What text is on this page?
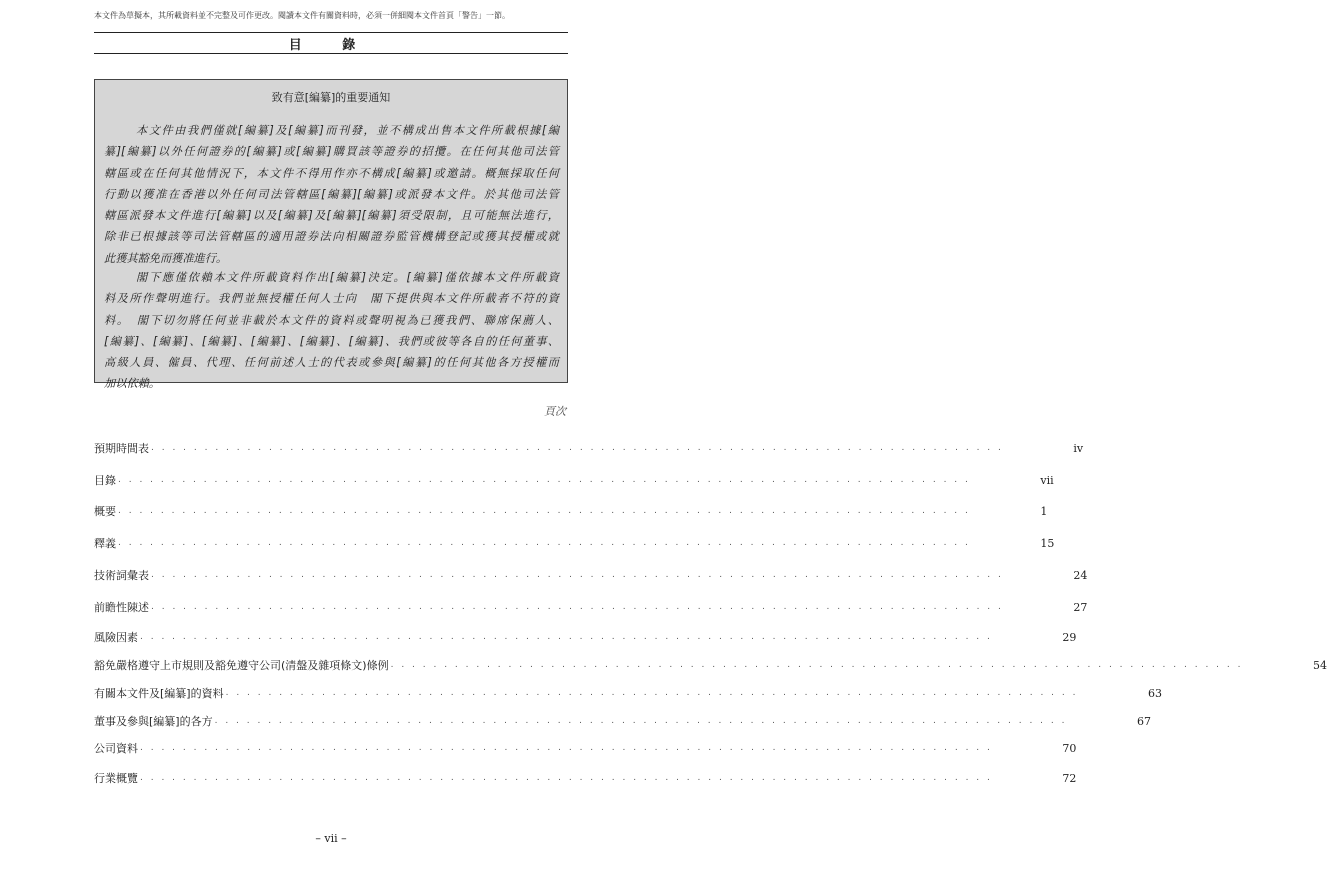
本文件為草擬本，其所載資料並不完整及可作更改。閱讀本文件有關資料時，必須一併細閱本文件首頁「警告」一節。
目 錄
致有意[編纂]的重要通知
本文件由我們僅就[編纂]及[編纂]而刊發，並不構成出售本文件所載根據[編
纂][編纂]以外任何證券的[編纂]或[編纂]購買該等證券的招攬。在任何其他司法管
轄區或在任何其他情況下，本文件不得用作亦不構成[編纂]或邀請。概無採取任何
行動以獲准在香港以外任何司法管轄區[編纂][編纂]或派發本文件。於其他司法管
轄區派發本文件進行[編纂]以及[編纂]及[編纂][編纂]須受限制，且可能無法進行，
除非已根據該等司法管轄區的適用證券法向相關證券監管機構登記或獲其授權或就
此獲其豁免而獲准進行。
閣下應僅依賴本文件所載資料作出[編纂]決定。[編纂]僅依據本文件所載資
料及所作聲明進行。我們並無授權任何人士向　閣下提供與本文件所載者不符的資
料。　閣下切勿將任何並非載於本文件的資料或聲明視為已獲我們、聯席保薦人、
[編纂]、[編纂]、[編纂]、[編纂]、[編纂]、[編纂]、我們或彼等各自的任何董事、
高級人員、僱員、代理、任何前述人士的代表或參與[編纂]的任何其他各方授權而
加以依賴。
頁次
預期時間表 . . . . . . . . . . . . . . . . . . . . . . . . . . . . . . . . . . . . . . . . . . . . . . . . . . . . . . . . . . . . . . . . . . . . . . . . . . . . . . . .	iv
目錄 . . . . . . . . . . . . . . . . . . . . . . . . . . . . . . . . . . . . . . . . . . . . . . . . . . . . . . . . . . . . . . . . . . . . . . . . . . . . . . . .	vii
概要 . . . . . . . . . . . . . . . . . . . . . . . . . . . . . . . . . . . . . . . . . . . . . . . . . . . . . . . . . . . . . . . . . . . . . . . . . . . . . . . .	1
釋義 . . . . . . . . . . . . . . . . . . . . . . . . . . . . . . . . . . . . . . . . . . . . . . . . . . . . . . . . . . . . . . . . . . . . . . . . . . . . . . . .	15
技術詞彙表 . . . . . . . . . . . . . . . . . . . . . . . . . . . . . . . . . . . . . . . . . . . . . . . . . . . . . . . . . . . . . . . . . . . . . . . . . . . . . . . .	24
前瞻性陳述 . . . . . . . . . . . . . . . . . . . . . . . . . . . . . . . . . . . . . . . . . . . . . . . . . . . . . . . . . . . . . . . . . . . . . . . . . . . . . . . .	27
風險因素 . . . . . . . . . . . . . . . . . . . . . . . . . . . . . . . . . . . . . . . . . . . . . . . . . . . . . . . . . . . . . . . . . . . . . . . . . . . . . . . .	29
豁免嚴格遵守上市規則及豁免遵守公司(清盤及雜項條文)條例 . . . . . . . . . . . . . . . . . . . . . . . . . . . . . . . . . . . . . . . . . . . . . . . . . . . . . . . . . . . . . . . . . . . . . . . . . . . . . . . .	54
有關本文件及[編纂]的資料 . . . . . . . . . . . . . . . . . . . . . . . . . . . . . . . . . . . . . . . . . . . . . . . . . . . . . . . . . . . . . . . . . . . . . . . . . . . . . . . .	63
董事及參與[編纂]的各方 . . . . . . . . . . . . . . . . . . . . . . . . . . . . . . . . . . . . . . . . . . . . . . . . . . . . . . . . . . . . . . . . . . . . . . . . . . . . . . . .	67
公司資料 . . . . . . . . . . . . . . . . . . . . . . . . . . . . . . . . . . . . . . . . . . . . . . . . . . . . . . . . . . . . . . . . . . . . . . . . . . . . . . . .	70
行業概覽 . . . . . . . . . . . . . . . . . . . . . . . . . . . . . . . . . . . . . . . . . . . . . . . . . . . . . . . . . . . . . . . . . . . . . . . . . . . . . . . .	72
– vii –
